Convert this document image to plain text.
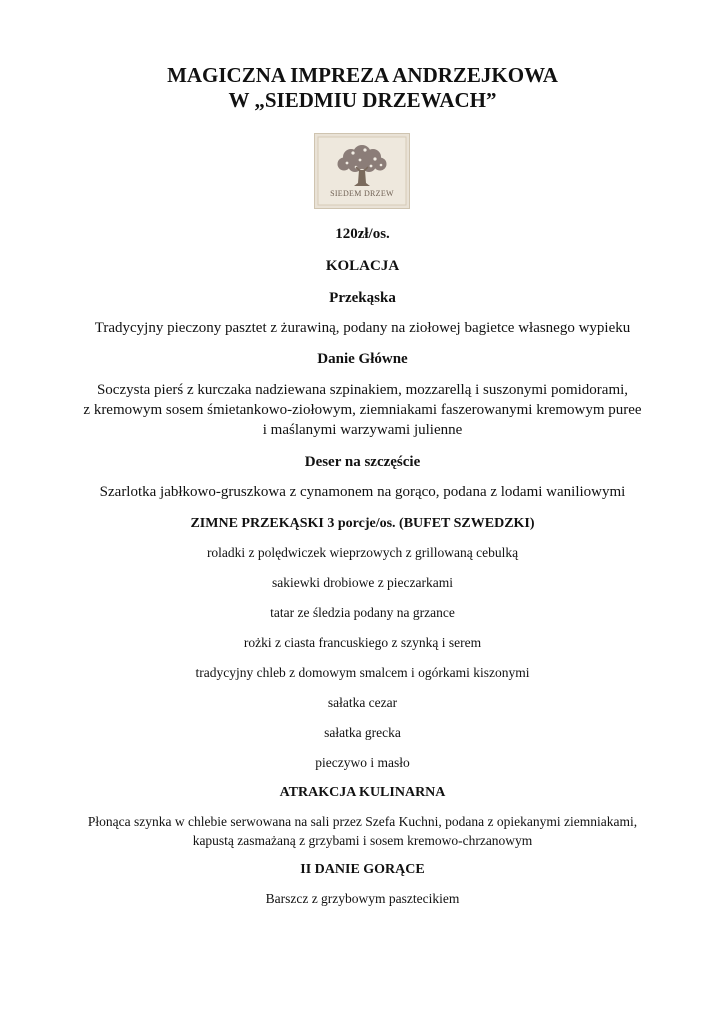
MAGICZNA IMPREZA ANDRZEJKOWA
W „SIEDMIU DRZEWACH”
SIEDEM DRZEW
120zł/os.
KOLACJA
Przekąska
Tradycyjny pieczony pasztet z żurawiną, podany na ziołowej bagietce własnego wypieku
Danie Główne
Soczysta pierś z kurczaka nadziewana szpinakiem, mozzarellą i suszonymi pomidorami,
z kremowym sosem śmietankowo-ziołowym, ziemniakami faszerowanymi kremowym puree
i maślanymi warzywami julienne
Deser na szczęście
Szarlotka jabłkowo-gruszkowa z cynamonem na gorąco, podana z lodami waniliowymi
ZIMNE PRZEKĄSKI 3 porcje/os. (BUFET SZWEDZKI)
roladki z polędwiczek wieprzowych z grillowaną cebulką
sakiewki drobiowe z pieczarkami
tatar ze śledzia podany na grzance
rożki z ciasta francuskiego z szynką i serem
tradycyjny chleb z domowym smalcem i ogórkami kiszonymi
sałatka cezar
sałatka grecka
pieczywo i masło
ATRAKCJA KULINARNA
Płonąca szynka w chlebie serwowana na sali przez Szefa Kuchni, podana z opiekanymi ziemniakami,
kapustą zasmażaną z grzybami i sosem kremowo-chrzanowym
II DANIE GORĄCE
Barszcz z grzybowym pasztecikiem
